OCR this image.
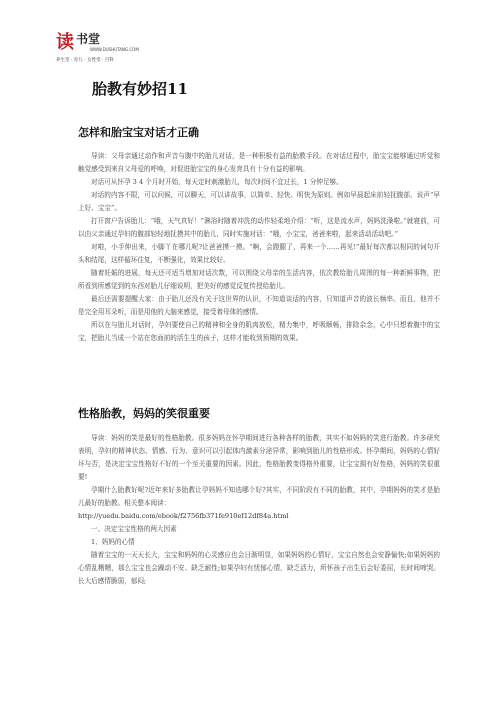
读 书堂
WWW.DUSHUTANG.COM
养生堂 · 育儿 · 女性堂 · 百科
胎教有妙招11
怎样和胎宝宝对话才正确

导读：父母亲通过动作和声音与腹中的胎儿对话，是一种积极有益的胎教手段。在对话过程中，胎宝宝能够通过听觉和触觉感受到来自父母爱的呼唤，对促进胎宝宝的身心发育具有十分有益的影响。

对话可从怀孕 3 4 个月时开始，每天定时刺激胎儿，每次时间不宜过长，1 分钟足够。

对话的内容不限，可以问候，可以聊天，可以讲故事，以简单、轻快、明快为原则。例如早晨起床前轻抚腹部，说声“早上好、宝宝”。

打开窗户告诉胎儿：“哦，天气真好！”淋浴时随着冲洗的动作轻柔地介绍：“听，这是流水声，妈妈洗澡啦。”就寝前，可以由父亲通过孕妇的腹部轻轻地抚摸其中的胎儿，同时实施对话：“哦，小宝宝，爸爸来啦，起来活动活动吧。”

对啦，小手伸出来，小脚丫在哪儿呢?让爸爸摸一摸。“啊，会蹬腿了，再来一个……再见!”最好每次都以相同的词句开头和结尾，这样循环往复，不断强化，效果比较好。

随着妊娠的进展，每天还可适当增加对话次数，可以围绕父母亲的生活内容，依次教给胎儿周围的每一种新鲜事物，把所看到所感觉到的东西对胎儿仔细说明，把美好的感觉反复传授给胎儿。

最后还需要提醒大家：由于胎儿还没有关于这世界的认识，不知道谈话的内容，只知道声音的波长频率。而且，他并不是完全用耳朵听，而是用他的大脑来感觉，接受着母体的感情。

所以在与胎儿对话时，孕妇要使自己的精神和全身的肌肉放松，精力集中，呼吸顺畅，排除杂念，心中只想着腹中的宝宝，把胎儿当成一个站在您面前的活生生的孩子，这样才能收到预期的效果。

性格胎教，妈妈的笑很重要

导读：妈妈的笑是最好的性格胎教。很多妈妈在怀孕期间进行各种各样的胎教，其实不如妈妈的笑进行胎教。许多研究表明，孕妇的精神状态、情感、行为、意识可以引起体内激素分泌异常，影响到胎儿的性格形成。怀孕期间，妈妈的心情好坏与否，是决定宝宝性格好不好的一个至关重要的因素。因此，性格胎教变得格外重要，让宝宝拥有好性格，妈妈的笑很重要!

孕期什么胎教好呢?近年来好多胎教让孕妈妈不知选哪个好?其实，不同阶段有不同的胎教，其中，孕期妈妈的笑才是胎儿最好的胎教。相关整本阅读：

http://yuedu.baidu.com/ebook/f2756fb371fe910ef12df84a.html

一、决定宝宝性格的两大因素

1、妈妈的心情

随着宝宝的一天天长大，宝宝和妈妈的心灵感应也会日渐明显，如果妈妈的心情好，宝宝自然也会安静愉快;如果妈妈的心情乱糟糟，那么宝宝也会躁动不安、缺乏耐性;如果孕妇有忧郁心情，缺乏活力，所怀孩子出生后会好委屈，长时间啼哭。长大后感情脆弱，郁闷;
